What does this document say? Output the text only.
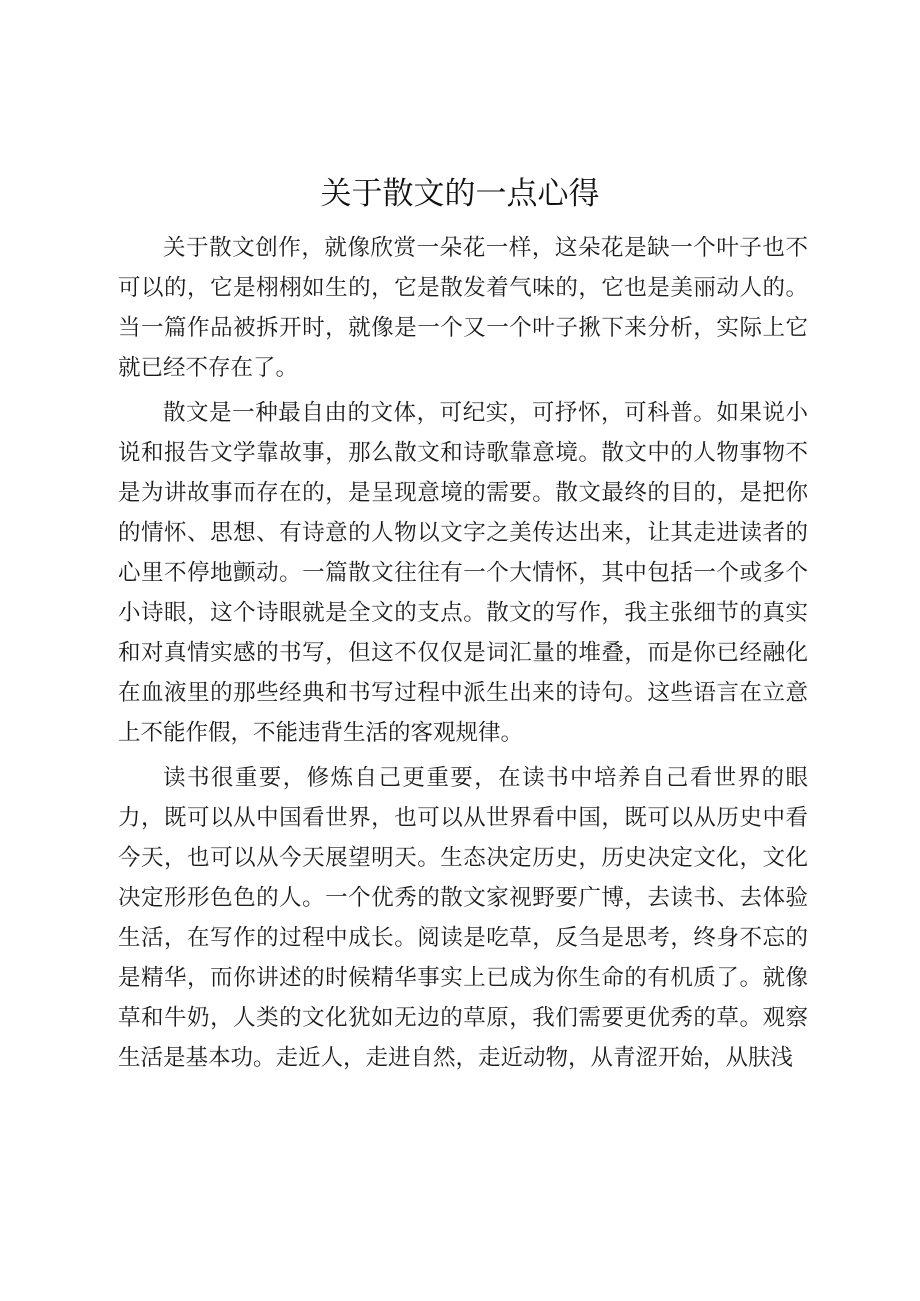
关于散文的一点心得

关于散文创作，就像欣赏一朵花一样，这朵花是缺一个叶子也不可以的，它是栩栩如生的，它是散发着气味的，它也是美丽动人的。当一篇作品被拆开时，就像是一个又一个叶子揪下来分析，实际上它就已经不存在了。

散文是一种最自由的文体，可纪实，可抒怀，可科普。如果说小说和报告文学靠故事，那么散文和诗歌靠意境。散文中的人物事物不是为讲故事而存在的，是呈现意境的需要。散文最终的目的，是把你的情怀、思想、有诗意的人物以文字之美传达出来，让其走进读者的心里不停地颤动。一篇散文往往有一个大情怀，其中包括一个或多个小诗眼，这个诗眼就是全文的支点。散文的写作，我主张细节的真实和对真情实感的书写，但这不仅仅是词汇量的堆叠，而是你已经融化在血液里的那些经典和书写过程中派生出来的诗句。这些语言在立意上不能作假，不能违背生活的客观规律。

读书很重要，修炼自己更重要，在读书中培养自己看世界的眼力，既可以从中国看世界，也可以从世界看中国，既可以从历史中看今天，也可以从今天展望明天。生态决定历史，历史决定文化，文化决定形形色色的人。一个优秀的散文家视野要广博，去读书、去体验生活，在写作的过程中成长。阅读是吃草，反刍是思考，终身不忘的是精华，而你讲述的时候精华事实上已成为你生命的有机质了。就像草和牛奶，人类的文化犹如无边的草原，我们需要更优秀的草。观察生活是基本功。走近人，走进自然，走近动物，从青涩开始，从肤浅
